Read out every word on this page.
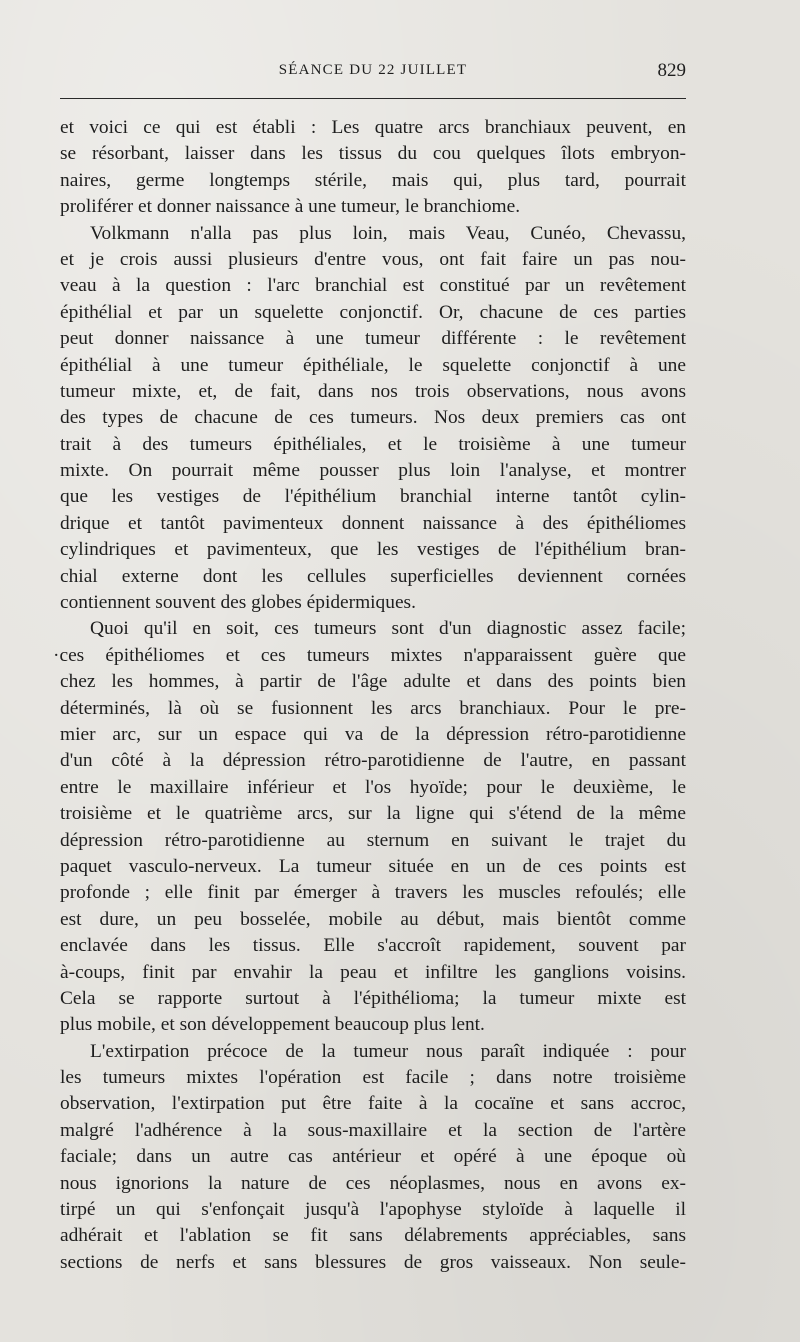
SÉANCE DU 22 JUILLET	829
et voici ce qui est établi : Les quatre arcs branchiaux peuvent, en
se résorbant, laisser dans les tissus du cou quelques îlots embryon-
naires, germe longtemps stérile, mais qui, plus tard, pourrait
proliférer et donner naissance à une tumeur, le branchiome.
Volkmann n'alla pas plus loin, mais Veau, Cunéo, Chevassu,
et je crois aussi plusieurs d'entre vous, ont fait faire un pas nou-
veau à la question : l'arc branchial est constitué par un revêtement
épithélial et par un squelette conjonctif. Or, chacune de ces parties
peut donner naissance à une tumeur différente : le revêtement
épithélial à une tumeur épithéliale, le squelette conjonctif à une
tumeur mixte, et, de fait, dans nos trois observations, nous avons
des types de chacune de ces tumeurs. Nos deux premiers cas ont
trait à des tumeurs épithéliales, et le troisième à une tumeur
mixte. On pourrait même pousser plus loin l'analyse, et montrer
que les vestiges de l'épithélium branchial interne tantôt cylin-
drique et tantôt pavimenteux donnent naissance à des épithéliomes
cylindriques et pavimenteux, que les vestiges de l'épithélium bran-
chial externe dont les cellules superficielles deviennent cornées
contiennent souvent des globes épidermiques.
Quoi qu'il en soit, ces tumeurs sont d'un diagnostic assez facile;
·ces épithéliomes et ces tumeurs mixtes n'apparaissent guère que
chez les hommes, à partir de l'âge adulte et dans des points bien
déterminés, là où se fusionnent les arcs branchiaux. Pour le pre-
mier arc, sur un espace qui va de la dépression rétro-parotidienne
d'un côté à la dépression rétro-parotidienne de l'autre, en passant
entre le maxillaire inférieur et l'os hyoïde; pour le deuxième, le
troisième et le quatrième arcs, sur la ligne qui s'étend de la même
dépression rétro-parotidienne au sternum en suivant le trajet du
paquet vasculo-nerveux. La tumeur située en un de ces points est
profonde ; elle finit par émerger à travers les muscles refoulés; elle
est dure, un peu bosselée, mobile au début, mais bientôt comme
enclavée dans les tissus. Elle s'accroît rapidement, souvent par
à-coups, finit par envahir la peau et infiltre les ganglions voisins.
Cela se rapporte surtout à l'épithélioma; la tumeur mixte est
plus mobile, et son développement beaucoup plus lent.
L'extirpation précoce de la tumeur nous paraît indiquée : pour
les tumeurs mixtes l'opération est facile ; dans notre troisième
observation, l'extirpation put être faite à la cocaïne et sans accroc,
malgré l'adhérence à la sous-maxillaire et la section de l'artère
faciale; dans un autre cas antérieur et opéré à une époque où
nous ignorions la nature de ces néoplasmes, nous en avons ex-
tirpé un qui s'enfonçait jusqu'à l'apophyse styloïde à laquelle il
adhérait et l'ablation se fit sans délabrements appréciables, sans
sections de nerfs et sans blessures de gros vaisseaux. Non seule-
